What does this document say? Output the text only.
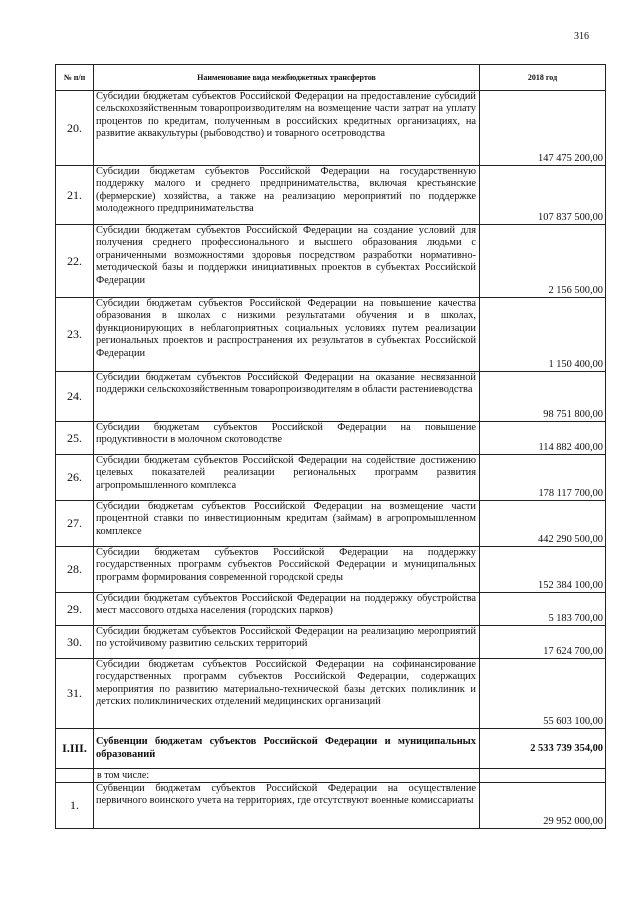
316
№ п/п	Наименование вида межбюджетных трансфертов	2018 год
20.	Субсидии бюджетам субъектов Российской Федерации на предоставление субсидий сельскохозяйственным товаропроизводителям на возмещение части затрат на уплату процентов по кредитам, полученным в российских кредитных организациях, на развитие аквакультуры (рыбоводство) и товарного осетроводства	147 475 200,00
21.	Субсидии бюджетам субъектов Российской Федерации на государственную поддержку малого и среднего предпринимательства, включая крестьянские (фермерские) хозяйства, а также на реализацию мероприятий по поддержке молодежного предпринимательства	107 837 500,00
22.	Субсидии бюджетам субъектов Российской Федерации на создание условий для получения среднего профессионального и высшего образования людьми с ограниченными возможностями здоровья посредством разработки нормативно-методической базы и поддержки инициативных проектов в субъектах Российской Федерации	2 156 500,00
23.	Субсидии бюджетам субъектов Российской Федерации на повышение качества образования в школах с низкими результатами обучения и в школах, функционирующих в неблагоприятных социальных условиях путем реализации региональных проектов и распространения их результатов в субъектах Российской Федерации	1 150 400,00
24.	Субсидии бюджетам субъектов Российской Федерации на оказание несвязанной поддержки сельскохозяйственным товаропроизводителям в области растениеводства	98 751 800,00
25.	Субсидии бюджетам субъектов Российской Федерации на повышение продуктивности в молочном скотоводстве	114 882 400,00
26.	Субсидии бюджетам субъектов Российской Федерации на содействие достижению целевых показателей реализации региональных программ развития агропромышленного комплекса	178 117 700,00
27.	Субсидии бюджетам субъектов Российской Федерации на возмещение части процентной ставки по инвестиционным кредитам (займам) в агропромышленном комплексе	442 290 500,00
28.	Субсидии бюджетам субъектов Российской Федерации на поддержку государственных программ субъектов Российской Федерации и муниципальных программ формирования современной городской среды	152 384 100,00
29.	Субсидии бюджетам субъектов Российской Федерации на поддержку обустройства мест массового отдыха населения (городских парков)	5 183 700,00
30.	Субсидии бюджетам субъектов Российской Федерации на реализацию мероприятий по устойчивому развитию сельских территорий	17 624 700,00
31.	Субсидии бюджетам субъектов Российской Федерации на софинансирование государственных программ субъектов Российской Федерации, содержащих мероприятия по развитию материально-технической базы детских поликлиник и детских поликлинических отделений медицинских организаций	55 603 100,00
I.III.	Субвенции бюджетам субъектов Российской Федерации и муниципальных образований	2 533 739 354,00
	в том числе:	
1.	Субвенции бюджетам субъектов Российской Федерации на осуществление первичного воинского учета на территориях, где отсутствуют военные комиссариаты	29 952 000,00
